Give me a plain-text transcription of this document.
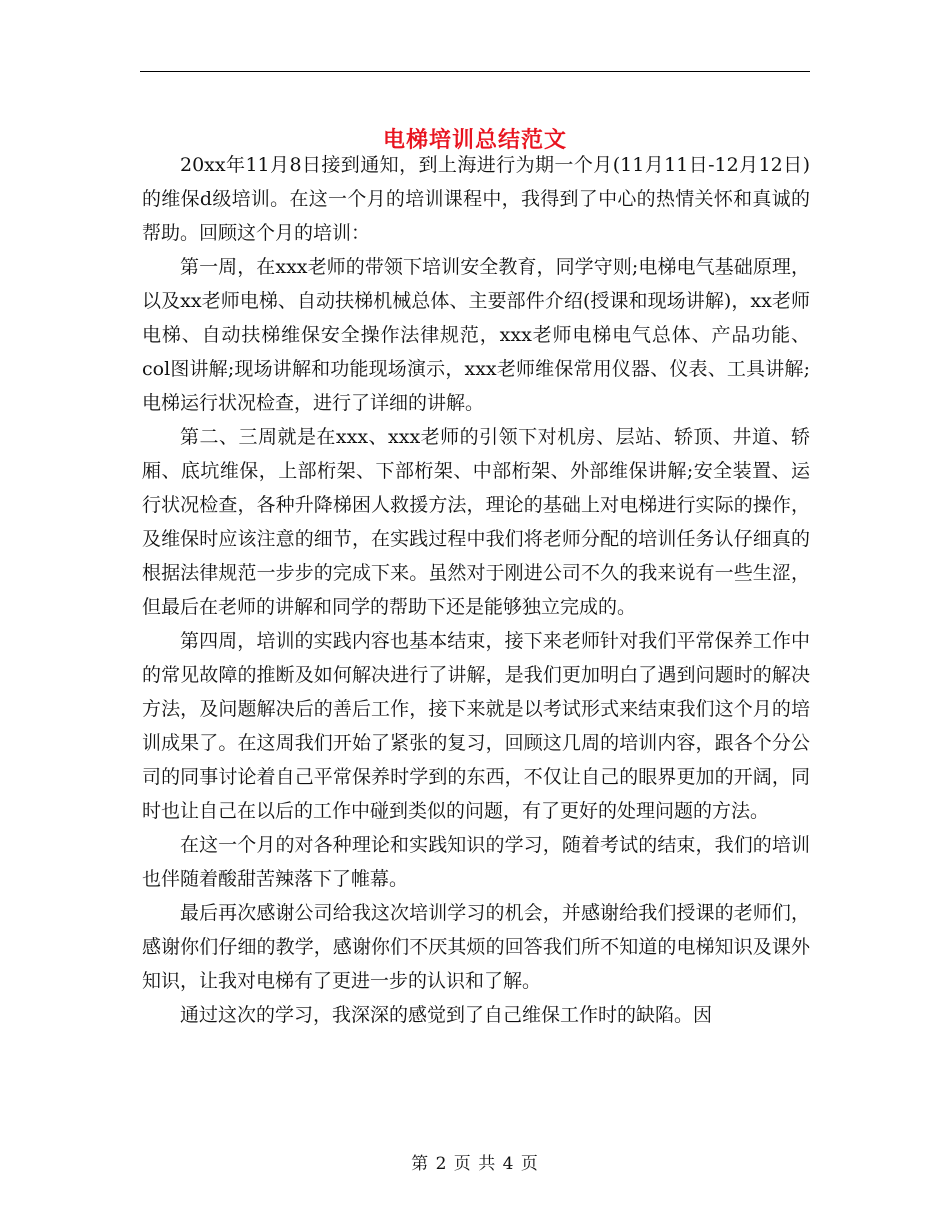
电梯培训总结范文

20xx年11月8日接到通知，到上海进行为期一个月(11月11日-12月12日)的维保d级培训。在这一个月的培训课程中，我得到了中心的热情关怀和真诚的帮助。回顾这个月的培训：

第一周，在xxx老师的带领下培训安全教育，同学守则;电梯电气基础原理，以及xx老师电梯、自动扶梯机械总体、主要部件介绍(授课和现场讲解)，xx老师电梯、自动扶梯维保安全操作法律规范，xxx老师电梯电气总体、产品功能、col图讲解;现场讲解和功能现场演示，xxx老师维保常用仪器、仪表、工具讲解;电梯运行状况检查，进行了详细的讲解。

第二、三周就是在xxx、xxx老师的引领下对机房、层站、轿顶、井道、轿厢、底坑维保，上部桁架、下部桁架、中部桁架、外部维保讲解;安全装置、运行状况检查，各种升降梯困人救援方法，理论的基础上对电梯进行实际的操作，及维保时应该注意的细节，在实践过程中我们将老师分配的培训任务认仔细真的根据法律规范一步步的完成下来。虽然对于刚进公司不久的我来说有一些生涩，但最后在老师的讲解和同学的帮助下还是能够独立完成的。

第四周，培训的实践内容也基本结束，接下来老师针对我们平常保养工作中的常见故障的推断及如何解决进行了讲解，是我们更加明白了遇到问题时的解决方法，及问题解决后的善后工作，接下来就是以考试形式来结束我们这个月的培训成果了。在这周我们开始了紧张的复习，回顾这几周的培训内容，跟各个分公司的同事讨论着自己平常保养时学到的东西，不仅让自己的眼界更加的开阔，同时也让自己在以后的工作中碰到类似的问题，有了更好的处理问题的方法。

在这一个月的对各种理论和实践知识的学习，随着考试的结束，我们的培训也伴随着酸甜苦辣落下了帷幕。

最后再次感谢公司给我这次培训学习的机会，并感谢给我们授课的老师们，感谢你们仔细的教学，感谢你们不厌其烦的回答我们所不知道的电梯知识及课外知识，让我对电梯有了更进一步的认识和了解。

通过这次的学习，我深深的感觉到了自己维保工作时的缺陷。因

第 2 页 共 4 页
